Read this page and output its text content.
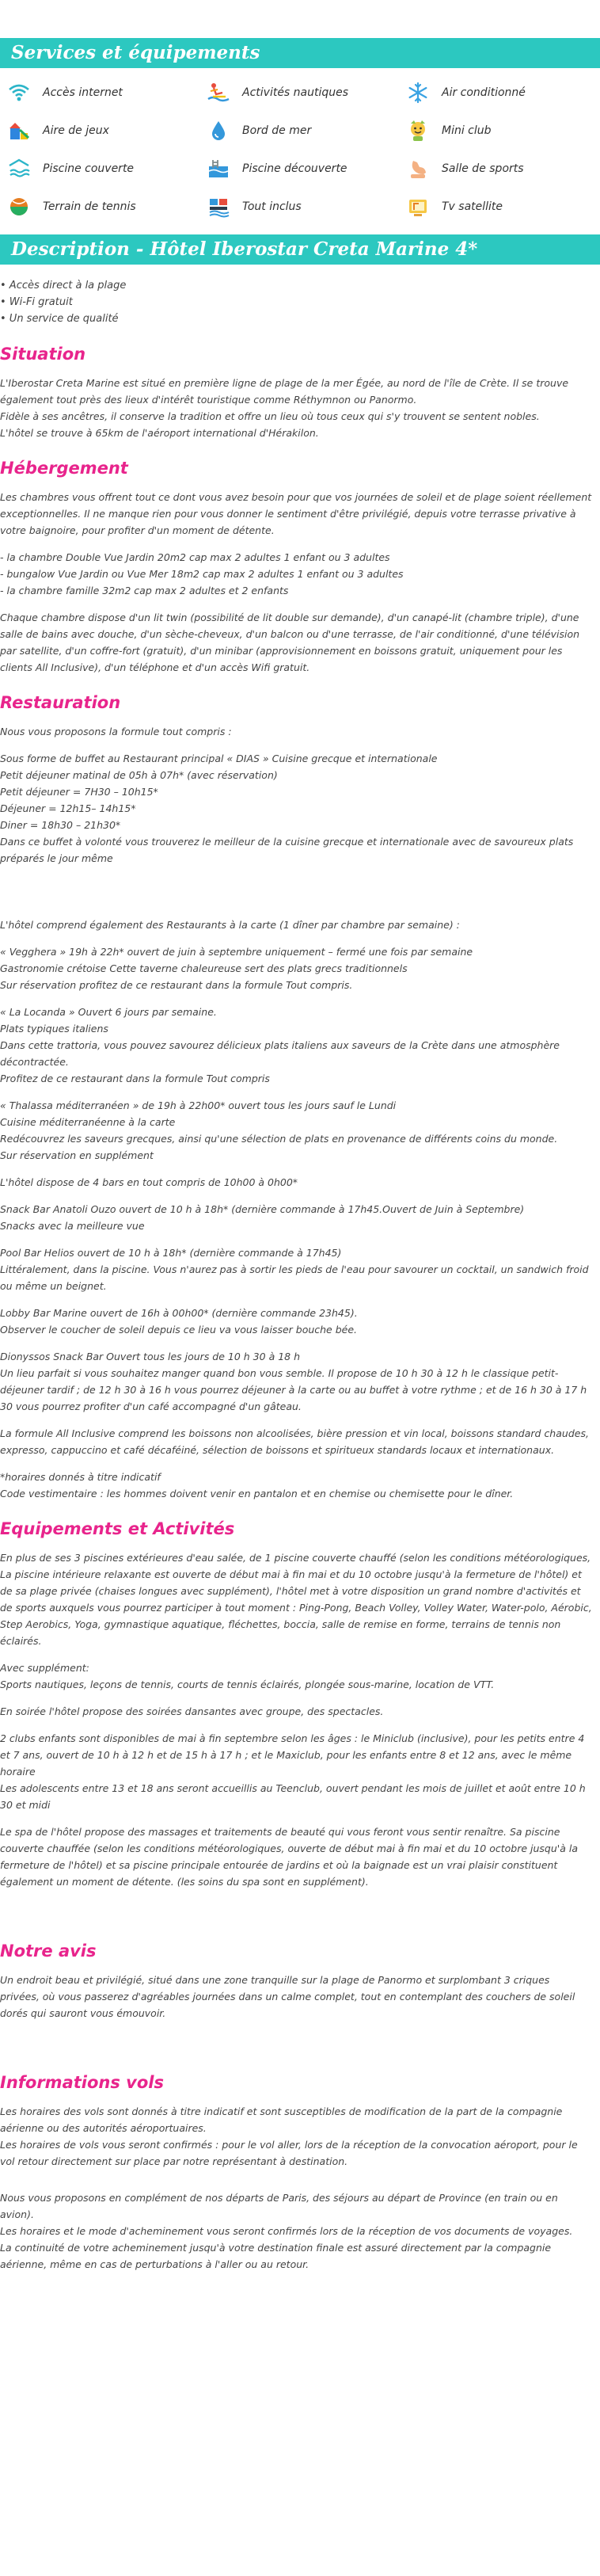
Services et équipements
Accès internet	Activités nautiques	Air conditionné
Aire de jeux	Bord de mer	Mini club
Piscine couverte	Piscine découverte	Salle de sports
Terrain de tennis	Tout inclus	Tv satellite
Description - Hôtel Iberostar Creta Marine 4*
• Accès direct à la plage
• Wi-Fi gratuit
• Un service de qualité
Situation

L'Iberostar Creta Marine est situé en première ligne de plage de la mer Égée, au nord de l'île de Crète. Il se trouve également tout près des lieux d'intérêt touristique comme Réthymnon ou Panormo.
Fidèle à ses ancêtres, il conserve la tradition et offre un lieu où tous ceux qui s'y trouvent se sentent nobles.
L'hôtel se trouve à 65km de l'aéroport international d'Hérakilon.

Hébergement

Les chambres vous offrent tout ce dont vous avez besoin pour que vos journées de soleil et de plage soient réellement exceptionnelles. Il ne manque rien pour vous donner le sentiment d'être privilégié, depuis votre terrasse privative à votre baignoire, pour profiter d'un moment de détente.

- la chambre Double Vue Jardin 20m2 cap max 2 adultes 1 enfant ou 3 adultes
- bungalow Vue Jardin ou Vue Mer 18m2 cap max 2 adultes 1 enfant ou 3 adultes
- la chambre famille 32m2 cap max 2 adultes et 2 enfants

Chaque chambre dispose d'un lit twin (possibilité de lit double sur demande), d'un canapé-lit (chambre triple), d'une salle de bains avec douche, d'un sèche-cheveux, d'un balcon ou d'une terrasse, de l'air conditionné, d'une télévision par satellite, d'un coffre-fort (gratuit), d'un minibar (approvisionnement en boissons gratuit, uniquement pour les clients All Inclusive), d'un téléphone et d'un accès Wifi gratuit.

Restauration

Nous vous proposons la formule tout compris :

Sous forme de buffet au Restaurant principal « DIAS » Cuisine grecque et internationale
Petit déjeuner matinal de 05h à 07h* (avec réservation)
Petit déjeuner = 7H30 – 10h15*
Déjeuner = 12h15– 14h15*
Diner = 18h30 – 21h30*
Dans ce buffet à volonté vous trouverez le meilleur de la cuisine grecque et internationale avec de savoureux plats préparés le jour même

L'hôtel comprend également des Restaurants à la carte (1 dîner par chambre par semaine) :

« Vegghera » 19h à 22h* ouvert de juin à septembre uniquement – fermé une fois par semaine
Gastronomie crétoise Cette taverne chaleureuse sert des plats grecs traditionnels
Sur réservation profitez de ce restaurant dans la formule Tout compris.

« La Locanda » Ouvert 6 jours par semaine.
Plats typiques italiens
Dans cette trattoria, vous pouvez savourez délicieux plats italiens aux saveurs de la Crète dans une atmosphère décontractée.
Profitez de ce restaurant dans la formule Tout compris

« Thalassa méditerranéen » de 19h à 22h00* ouvert tous les jours sauf le Lundi
Cuisine méditerranéenne à la carte
Redécouvrez les saveurs grecques, ainsi qu'une sélection de plats en provenance de différents coins du monde.
Sur réservation en supplément

L'hôtel dispose de 4 bars en tout compris de 10h00 à 0h00*

Snack Bar Anatoli Ouzo ouvert de 10 h à 18h* (dernière commande à 17h45.Ouvert de Juin à Septembre)
Snacks avec la meilleure vue

Pool Bar Helios ouvert de 10 h à 18h* (dernière commande à 17h45)
Littéralement, dans la piscine. Vous n'aurez pas à sortir les pieds de l'eau pour savourer un cocktail, un sandwich froid ou même un beignet.

Lobby Bar Marine ouvert de 16h à 00h00* (dernière commande 23h45).
Observer le coucher de soleil depuis ce lieu va vous laisser bouche bée.

Dionyssos Snack Bar Ouvert tous les jours de 10 h 30 à 18 h
Un lieu parfait si vous souhaitez manger quand bon vous semble. Il propose de 10 h 30 à 12 h le classique petit-déjeuner tardif ; de 12 h 30 à 16 h vous pourrez déjeuner à la carte ou au buffet à votre rythme ; et de 16 h 30 à 17 h 30 vous pourrez profiter d'un café accompagné d'un gâteau.

La formule All Inclusive comprend les boissons non alcoolisées, bière pression et vin local, boissons standard chaudes, expresso, cappuccino et café décaféiné, sélection de boissons et spiritueux standards locaux et internationaux.

*horaires donnés à titre indicatif
Code vestimentaire : les hommes doivent venir en pantalon et en chemise ou chemisette pour le dîner.

Equipements et Activités

En plus de ses 3 piscines extérieures d'eau salée, de 1 piscine couverte chauffé (selon les conditions météorologiques, La piscine intérieure relaxante est ouverte de début mai à fin mai et du 10 octobre jusqu'à la fermeture de l'hôtel) et de sa plage privée (chaises longues avec supplément), l'hôtel met à votre disposition un grand nombre d'activités et de sports auxquels vous pourrez participer à tout moment : Ping-Pong, Beach Volley, Volley Water, Water-polo, Aérobic, Step Aerobics, Yoga, gymnastique aquatique, fléchettes, boccia, salle de remise en forme, terrains de tennis non éclairés.

Avec supplément:
Sports nautiques, leçons de tennis, courts de tennis éclairés, plongée sous-marine, location de VTT.

En soirée l'hôtel propose des soirées dansantes avec groupe, des spectacles.

2 clubs enfants sont disponibles de mai à fin septembre selon les âges : le Miniclub (inclusive), pour les petits entre 4 et 7 ans, ouvert de 10 h à 12 h et de 15 h à 17 h ; et le Maxiclub, pour les enfants entre 8 et 12 ans, avec le même horaire
Les adolescents entre 13 et 18 ans seront accueillis au Teenclub, ouvert pendant les mois de juillet et août entre 10 h 30 et midi

Le spa de l'hôtel propose des massages et traitements de beauté qui vous feront vous sentir renaître. Sa piscine couverte chauffée (selon les conditions météorologiques, ouverte de début mai à fin mai et du 10 octobre jusqu'à la fermeture de l'hôtel) et sa piscine principale entourée de jardins et où la baignade est un vrai plaisir constituent également un moment de détente. (les soins du spa sont en supplément).

Notre avis

Un endroit beau et privilégié, situé dans une zone tranquille sur la plage de Panormo et surplombant 3 criques privées, où vous passerez d'agréables journées dans un calme complet, tout en contemplant des couchers de soleil dorés qui sauront vous émouvoir.

Informations vols

Les horaires des vols sont donnés à titre indicatif et sont susceptibles de modification de la part de la compagnie aérienne ou des autorités aéroportuaires.
Les horaires de vols vous seront confirmés : pour le vol aller, lors de la réception de la convocation aéroport, pour le vol retour directement sur place par notre représentant à destination.

Nous vous proposons en complément de nos départs de Paris, des séjours au départ de Province (en train ou en avion).
Les horaires et le mode d'acheminement vous seront confirmés lors de la réception de vos documents de voyages.
La continuité de votre acheminement jusqu'à votre destination finale est assuré directement par la compagnie aérienne, même en cas de perturbations à l'aller ou au retour.
